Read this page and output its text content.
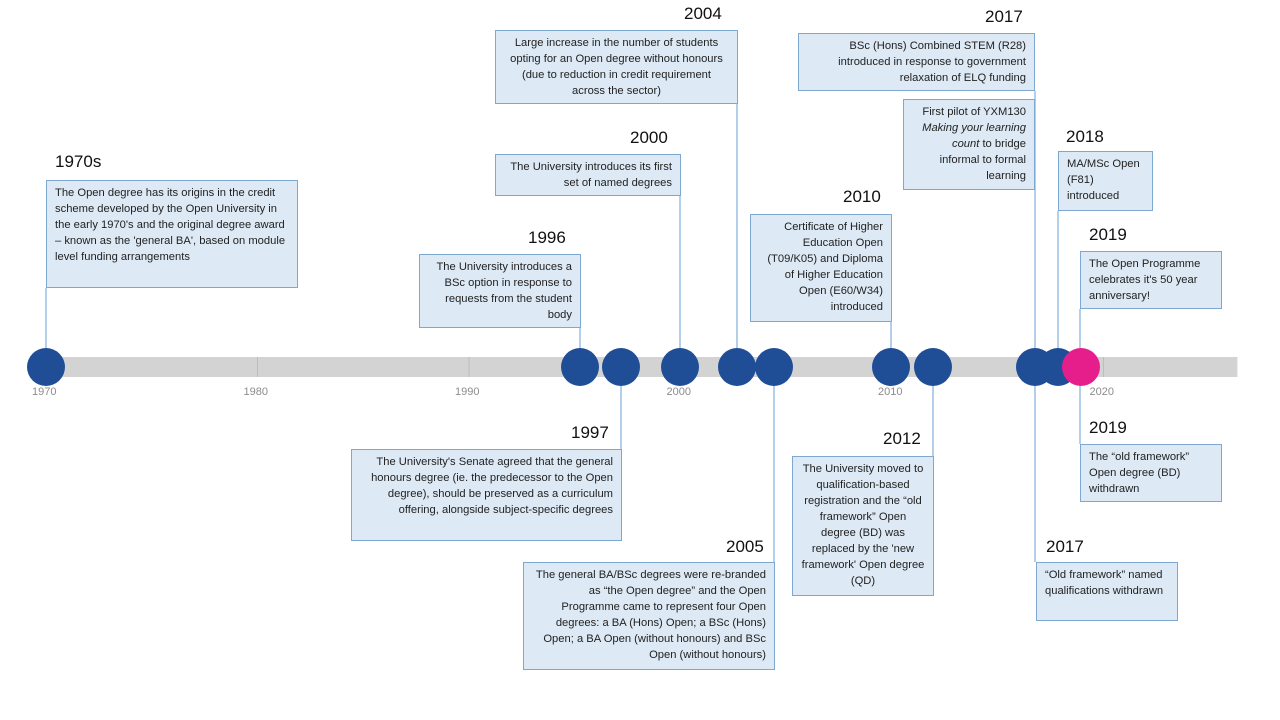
1970	1980	1990	2000	2010	2020
1970s
1996
1997
2000
2004
2005
2010
2012
2017
2017
2018
2019
2019
The Open degree has its origins in the credit scheme developed by the Open University in the early 1970's and the original degree award – known as the 'general BA', based on module level funding arrangements
The University introduces a BSc option in response to requests from the student body
The University's Senate agreed that the general honours degree (ie. the predecessor to the Open degree), should be preserved as a curriculum offering, alongside subject-specific degrees
The University introduces its first set of named degrees
Large increase in the number of students opting for an Open degree without honours (due to reduction in credit requirement across the sector)
The general BA/BSc degrees were re-branded as “the Open degree” and the Open Programme came to represent four Open degrees: a BA (Hons) Open; a BSc (Hons) Open; a BA Open (without honours) and BSc Open (without honours)
Certificate of Higher Education Open (T09/K05) and Diploma of Higher Education Open (E60/W34) introduced
The University moved to qualification-based registration and the “old framework” Open degree (BD) was replaced by the 'new framework' Open degree (QD)
BSc (Hons) Combined STEM (R28) introduced in response to government relaxation of ELQ funding
First pilot of YXM130 Making your learning count to bridge informal to formal learning
“Old framework” named qualifications withdrawn
MA/MSc Open (F81) introduced
The Open Programme celebrates it's 50 year anniversary!
The “old framework” Open degree (BD) withdrawn
